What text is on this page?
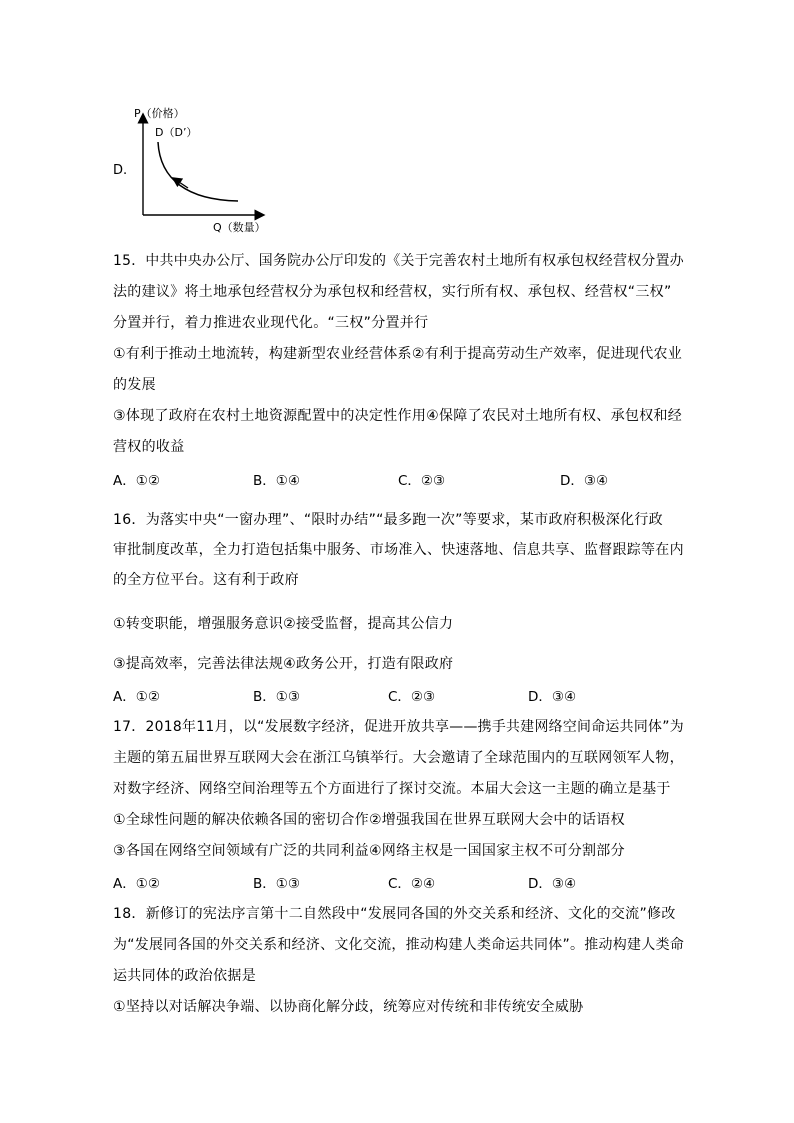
D.
P（价格）
D（D’）
Q（数量）
15．中共中央办公厅、国务院办公厅印发的《关于完善农村土地所有权承包权经营权分置办
法的建议》将土地承包经营权分为承包权和经营权，实行所有权、承包权、经营权“三权”
分置并行，着力推进农业现代化。“三权”分置并行
①有利于推动土地流转，构建新型农业经营体系②有利于提高劳动生产效率，促进现代农业
的发展
③体现了政府在农村土地资源配置中的决定性作用④保障了农民对土地所有权、承包权和经
营权的收益
A．①②	B．①④	C．②③	D．③④
16．为落实中央“一窗办理”、“限时办结”“最多跑一次”等要求，某市政府积极深化行政
审批制度改革，全力打造包括集中服务、市场准入、快速落地、信息共享、监督跟踪等在内
的全方位平台。这有利于政府
①转变职能，增强服务意识②接受监督，提高其公信力
③提高效率，完善法律法规④政务公开，打造有限政府
A．①②	B．①③	C．②③	D．③④
17．2018年11月，以“发展数字经济，促进开放共享——携手共建网络空间命运共同体”为
主题的第五届世界互联网大会在浙江乌镇举行。大会邀请了全球范围内的互联网领军人物，
对数字经济、网络空间治理等五个方面进行了探讨交流。本届大会这一主题的确立是基于
①全球性问题的解决依赖各国的密切合作②增强我国在世界互联网大会中的话语权
③各国在网络空间领域有广泛的共同利益④网络主权是一国国家主权不可分割部分
A．①②	B．①③	C．②④	D．③④
18．新修订的宪法序言第十二自然段中“发展同各国的外交关系和经济、文化的交流”修改
为“发展同各国的外交关系和经济、文化交流，推动构建人类命运共同体”。推动构建人类命
运共同体的政治依据是
①坚持以对话解决争端、以协商化解分歧，统筹应对传统和非传统安全威胁
